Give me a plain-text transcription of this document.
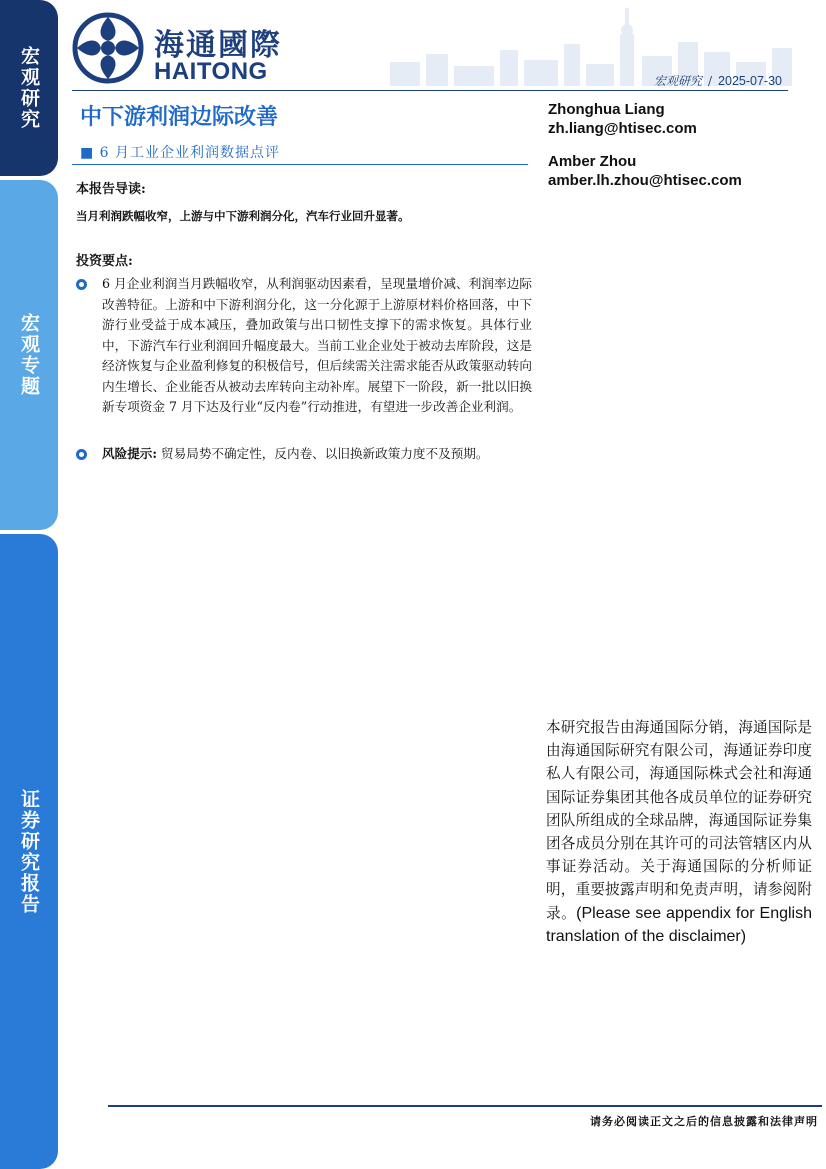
宏观研究
宏观专题
证券研究报告
海通國際
HAITONG	宏观研究 / 2025-07-30
中下游利润边际改善
■ 6 月工业企业利润数据点评
Zhonghua Liang
zh.liang@htisec.com
Amber Zhou
amber.lh.zhou@htisec.com
本报告导读:
当月利润跌幅收窄，上游与中下游利润分化，汽车行业回升显著。
投资要点:
6 月企业利润当月跌幅收窄，从利润驱动因素看，呈现量增价减、利润率边际改善特征。上游和中下游利润分化，这一分化源于上游原材料价格回落，中下游行业受益于成本减压，叠加政策与出口韧性支撑下的需求恢复。具体行业中，下游汽车行业利润回升幅度最大。当前工业企业处于被动去库阶段，这是经济恢复与企业盈利修复的积极信号，但后续需关注需求能否从政策驱动转向内生增长、企业能否从被动去库转向主动补库。展望下一阶段，新一批以旧换新专项资金 7 月下达及行业“反内卷”行动推进，有望进一步改善企业利润。
风险提示: 贸易局势不确定性，反内卷、以旧换新政策力度不及预期。
本研究报告由海通国际分销，海通国际是由海通国际研究有限公司，海通证券印度私人有限公司，海通国际株式会社和海通国际证券集团其他各成员单位的证券研究团队所组成的全球品牌，海通国际证券集团各成员分别在其许可的司法管辖区内从事证券活动。关于海通国际的分析师证明，重要披露声明和免责声明，请参阅附录。(Please see appendix for English translation of the disclaimer)
请务必阅读正文之后的信息披露和法律声明
